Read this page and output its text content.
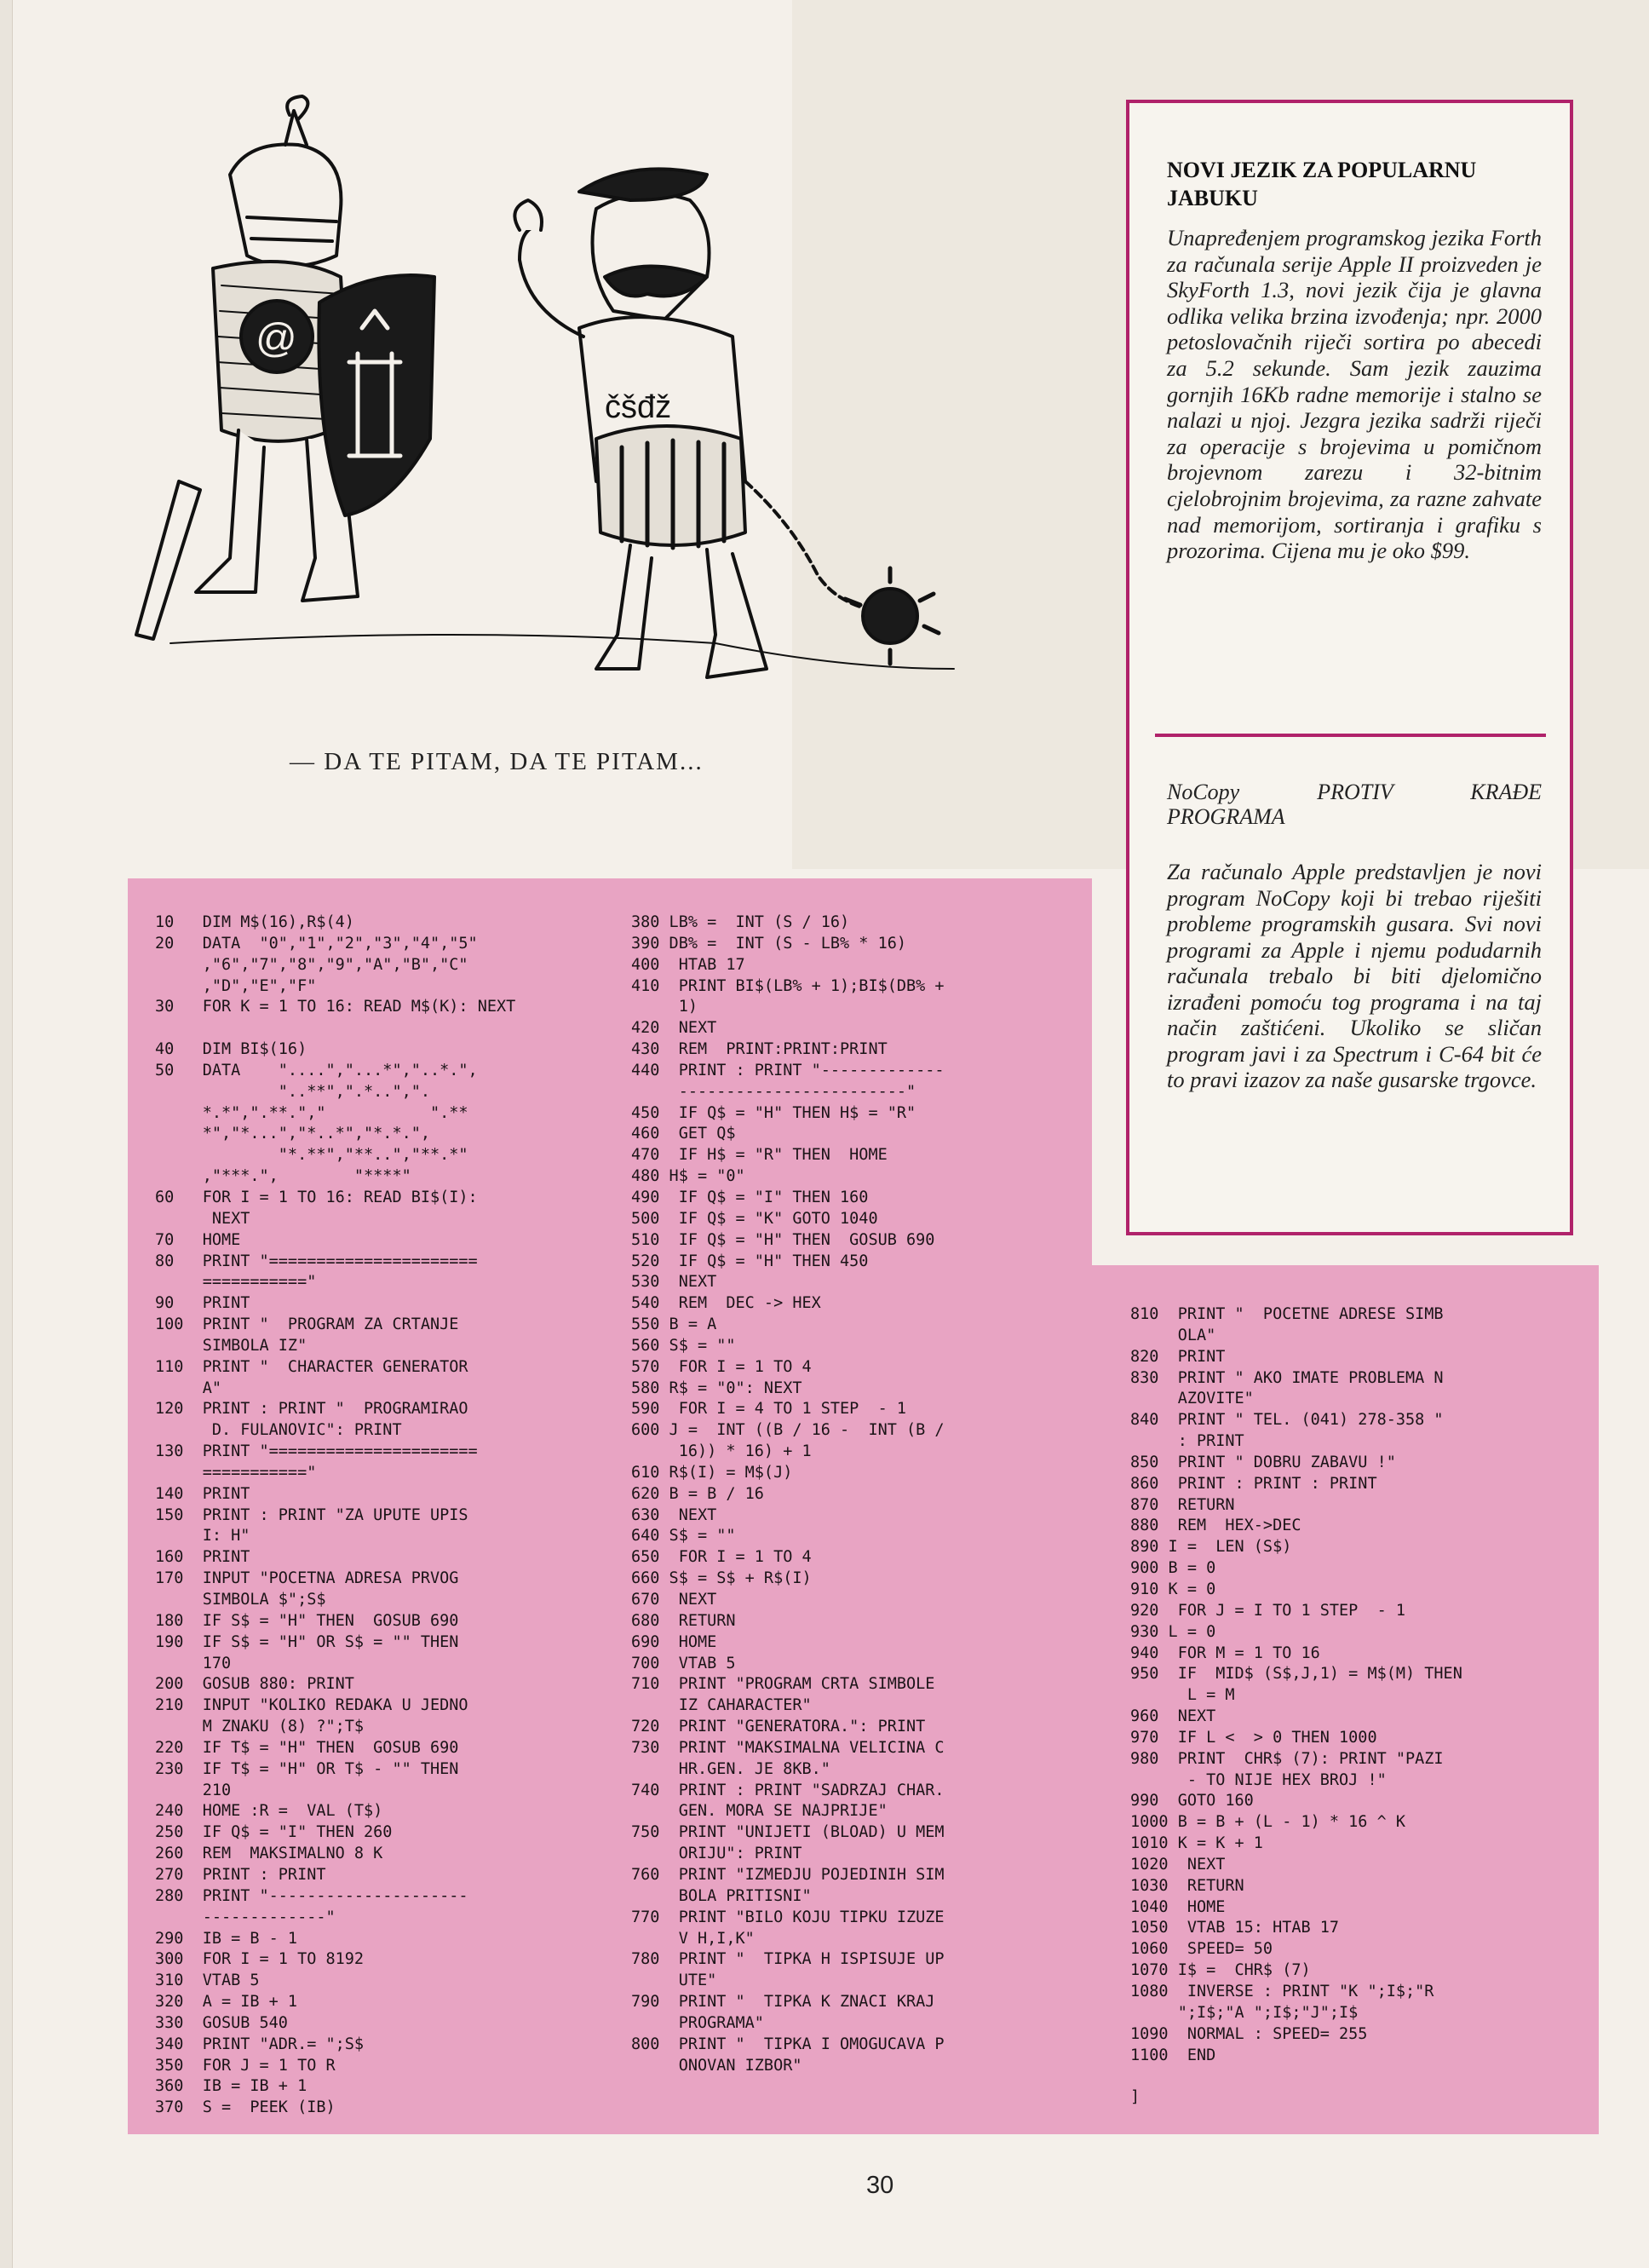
@
čšđž
— DA TE PITAM, DA TE PITAM...
NOVI JEZIK ZA POPULARNU JABUKU
Unapređenjem programskog jezika Forth za računala serije Apple II proizveden je SkyForth 1.3, novi jezik čija je glavna odlika velika brzina izvođenja; npr. 2000 petoslovačnih riječi sortira po abecedi za 5.2 sekunde. Sam jezik zauzima gornjih 16Kb radne memorije i stalno se nalazi u njoj. Jezgra jezika sadrži riječi za operacije s brojevima u pomičnom brojevnom zarezu i 32-bitnim cjelobrojnim brojevima, za razne zahvate nad memorijom, sortiranja i grafiku s prozorima. Cijena mu je oko $99.
NoCopy PROTIV KRAĐE
PROGRAMA
Za računalo Apple predstavljen je novi program NoCopy koji bi trebao riješiti probleme programskih gusara. Svi novi programi za Apple i njemu podudarnih računala trebalo bi biti djelomično izrađeni pomoću tog programa i na taj način zaštićeni. Ukoliko se sličan program javi i za Spectrum i C-64 bit će to pravi izazov za naše gusarske trgovce.
10   DIM M$(16),R$(4)
20   DATA  "0","1","2","3","4","5"
,"6","7","8","9","A","B","C"
,"D","E","F"
30   FOR K = 1 TO 16: READ M$(K): NEXT

40   DIM BI$(16)
50   DATA    "....","...*","..*.",
"..**",".*..",".
*.*",".**.","           ".**
*","*...","*..*","*.*.",
"*.**","**..","**.*"
,"***.",        "****"
60   FOR I = 1 TO 16: READ BI$(I):
NEXT
70   HOME
80   PRINT "======================
==========="
90   PRINT
100  PRINT "  PROGRAM ZA CRTANJE
SIMBOLA IZ"
110  PRINT "  CHARACTER GENERATOR
A"
120  PRINT : PRINT "  PROGRAMIRAO
D. FULANOVIC": PRINT
130  PRINT "======================
==========="
140  PRINT
150  PRINT : PRINT "ZA UPUTE UPIS
I: H"
160  PRINT
170  INPUT "POCETNA ADRESA PRVOG
SIMBOLA $";S$
180  IF S$ = "H" THEN  GOSUB 690
190  IF S$ = "H" OR S$ = "" THEN
170
200  GOSUB 880: PRINT
210  INPUT "KOLIKO REDAKA U JEDNO
M ZNAKU (8) ?";T$
220  IF T$ = "H" THEN  GOSUB 690
230  IF T$ = "H" OR T$ - "" THEN
210
240  HOME :R =  VAL (T$)
250  IF Q$ = "I" THEN 260
260  REM  MAKSIMALNO 8 K
270  PRINT : PRINT
280  PRINT "---------------------
-------------"
290  IB = B - 1
300  FOR I = 1 TO 8192
310  VTAB 5
320  A = IB + 1
330  GOSUB 540
340  PRINT "ADR.= ";S$
350  FOR J = 1 TO R
360  IB = IB + 1
370  S =  PEEK (IB)
380 LB% =  INT (S / 16)
390 DB% =  INT (S - LB% * 16)
400  HTAB 17
410  PRINT BI$(LB% + 1);BI$(DB% +
1)
420  NEXT
430  REM  PRINT:PRINT:PRINT
440  PRINT : PRINT "-------------
------------------------"
450  IF Q$ = "H" THEN H$ = "R"
460  GET Q$
470  IF H$ = "R" THEN  HOME
480 H$ = "0"
490  IF Q$ = "I" THEN 160
500  IF Q$ = "K" GOTO 1040
510  IF Q$ = "H" THEN  GOSUB 690
520  IF Q$ = "H" THEN 450
530  NEXT
540  REM  DEC -> HEX
550 B = A
560 S$ = ""
570  FOR I = 1 TO 4
580 R$ = "0": NEXT
590  FOR I = 4 TO 1 STEP  - 1
600 J =  INT ((B / 16 -  INT (B /
16)) * 16) + 1
610 R$(I) = M$(J)
620 B = B / 16
630  NEXT
640 S$ = ""
650  FOR I = 1 TO 4
660 S$ = S$ + R$(I)
670  NEXT
680  RETURN
690  HOME
700  VTAB 5
710  PRINT "PROGRAM CRTA SIMBOLE
IZ CAHARACTER"
720  PRINT "GENERATORA.": PRINT
730  PRINT "MAKSIMALNA VELICINA C
HR.GEN. JE 8KB."
740  PRINT : PRINT "SADRZAJ CHAR.
GEN. MORA SE NAJPRIJE"
750  PRINT "UNIJETI (BLOAD) U MEM
ORIJU": PRINT
760  PRINT "IZMEDJU POJEDINIH SIM
BOLA PRITISNI"
770  PRINT "BILO KOJU TIPKU IZUZE
V H,I,K"
780  PRINT "  TIPKA H ISPISUJE UP
UTE"
790  PRINT "  TIPKA K ZNACI KRAJ
PROGRAMA"
800  PRINT "  TIPKA I OMOGUCAVA P
ONOVAN IZBOR"
810  PRINT "  POCETNE ADRESE SIMB
OLA"
820  PRINT
830  PRINT " AKO IMATE PROBLEMA N
AZOVITE"
840  PRINT " TEL. (041) 278-358 "
: PRINT
850  PRINT " DOBRU ZABAVU !"
860  PRINT : PRINT : PRINT
870  RETURN
880  REM  HEX->DEC
890 I =  LEN (S$)
900 B = 0
910 K = 0
920  FOR J = I TO 1 STEP  - 1
930 L = 0
940  FOR M = 1 TO 16
950  IF  MID$ (S$,J,1) = M$(M) THEN
L = M
960  NEXT
970  IF L <  > 0 THEN 1000
980  PRINT  CHR$ (7): PRINT "PAZI
- TO NIJE HEX BROJ !"
990  GOTO 160
1000 B = B + (L - 1) * 16 ^ K
1010 K = K + 1
1020  NEXT
1030  RETURN
1040  HOME
1050  VTAB 15: HTAB 17
1060  SPEED= 50
1070 I$ =  CHR$ (7)
1080  INVERSE : PRINT "K ";I$;"R
";I$;"A ";I$;"J";I$
1090  NORMAL : SPEED= 255
1100  END

]
30
